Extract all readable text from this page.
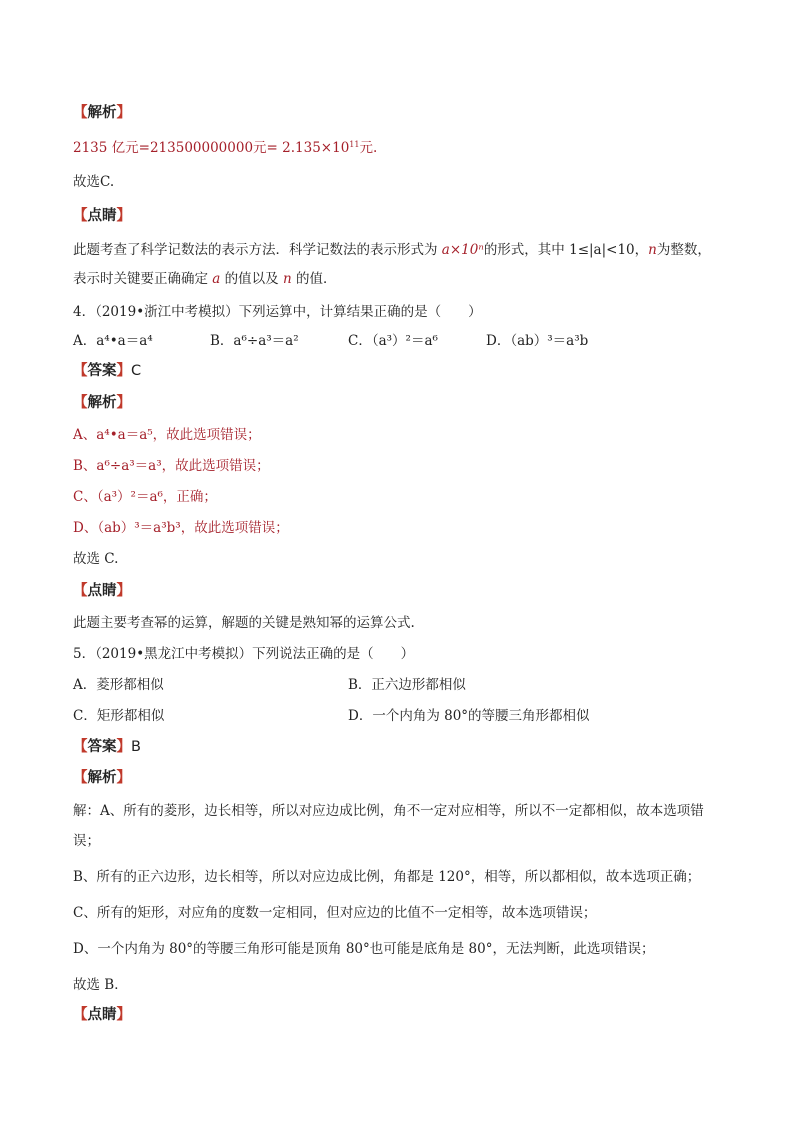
【解析】
2135 亿元=213500000000元= $2.135\times 10^{11}$元.
故选C.
【点睛】
此题考查了科学记数法的表示方法．科学记数法的表示形式为 a×10ⁿ的形式，其中 1≤|a|<10，n为整数，
表示时关键要正确确定 a 的值以及 n 的值．
4．（2019•浙江中考模拟）下列运算中，计算结果正确的是（　　）
A．a⁴•a＝a⁴	B．a⁶÷a³＝a²	C．（a³）²＝a⁶	D．（ab）³＝a³b
【答案】C
【解析】
A、a⁴•a＝a⁵，故此选项错误；
B、a⁶÷a³＝a³，故此选项错误；
C、（a³）²＝a⁶，正确；
D、（ab）³＝a³b³，故此选项错误；
故选 C.
【点睛】
此题主要考查幂的运算，解题的关键是熟知幂的运算公式.
5．（2019•黑龙江中考模拟）下列说法正确的是（　　）
A．菱形都相似	B．正六边形都相似
C．矩形都相似	D．一个内角为 80°的等腰三角形都相似
【答案】B
【解析】
解：A、所有的菱形，边长相等，所以对应边成比例，角不一定对应相等，所以不一定都相似，故本选项错
误；
B、所有的正六边形，边长相等，所以对应边成比例，角都是 120°，相等，所以都相似，故本选项正确；
C、所有的矩形，对应角的度数一定相同，但对应边的比值不一定相等，故本选项错误；
D、一个内角为 80°的等腰三角形可能是顶角 80°也可能是底角是 80°，无法判断，此选项错误；
故选 B．
【点睛】
